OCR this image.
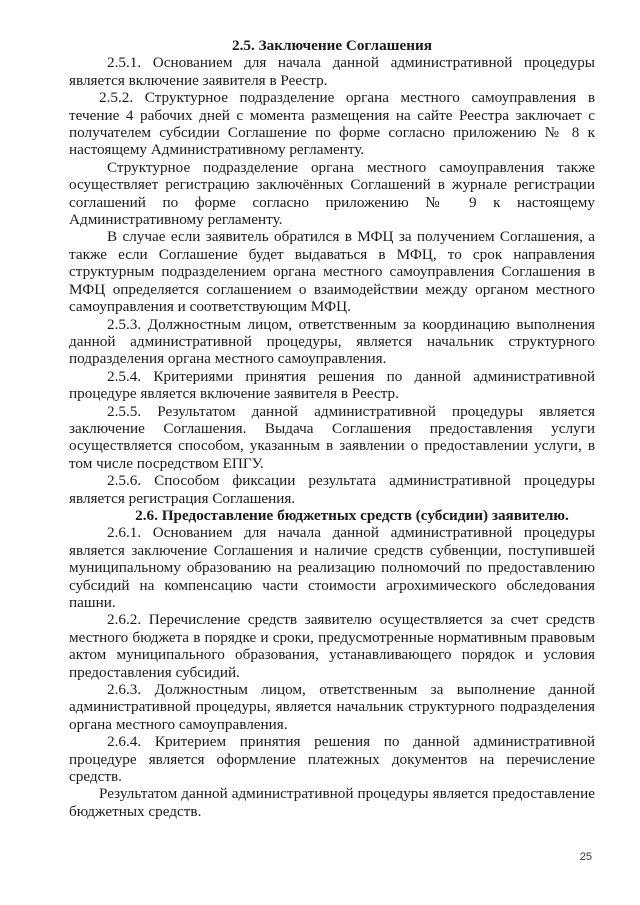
2.5. Заключение Соглашения

2.5.1. Основанием для начала данной административной процедуры является включение заявителя в Реестр.

2.5.2. Структурное подразделение органа местного самоуправления в течение 4 рабочих дней с момента размещения на сайте Реестра заключает с получателем субсидии Соглашение по форме согласно приложению № 8 к настоящему Административному регламенту.

Структурное подразделение органа местного самоуправления также осуществляет регистрацию заключённых Соглашений в журнале регистрации соглашений по форме согласно приложению № 9 к настоящему Административному регламенту.

В случае если заявитель обратился в МФЦ за получением Соглашения, а также если Соглашение будет выдаваться в МФЦ, то срок направления структурным подразделением органа местного самоуправления Соглашения в МФЦ определяется соглашением о взаимодействии между органом местного самоуправления и соответствующим МФЦ.

2.5.3. Должностным лицом, ответственным за координацию выполнения данной административной процедуры, является начальник структурного подразделения органа местного самоуправления.

2.5.4. Критериями принятия решения по данной административной процедуре является включение заявителя в Реестр.

2.5.5. Результатом данной административной процедуры является заключение Соглашения. Выдача Соглашения предоставления услуги осуществляется способом, указанным в заявлении о предоставлении услуги, в том числе посредством ЕПГУ.

2.5.6. Способом фиксации результата административной процедуры является регистрация Соглашения.

2.6. Предоставление бюджетных средств (субсидии) заявителю.

2.6.1. Основанием для начала данной административной процедуры является заключение Соглашения и наличие средств субвенции, поступившей муниципальному образованию на реализацию полномочий по предоставлению субсидий на компенсацию части стоимости агрохимического обследования пашни.

2.6.2. Перечисление средств заявителю осуществляется за счет средств местного бюджета в порядке и сроки, предусмотренные нормативным правовым актом муниципального образования, устанавливающего порядок и условия предоставления субсидий.

2.6.3. Должностным лицом, ответственным за выполнение данной административной процедуры, является начальник структурного подразделения органа местного самоуправления.

2.6.4. Критерием принятия решения по данной административной процедуре является оформление платежных документов на перечисление средств.

Результатом данной административной процедуры является предоставление бюджетных средств.

25
